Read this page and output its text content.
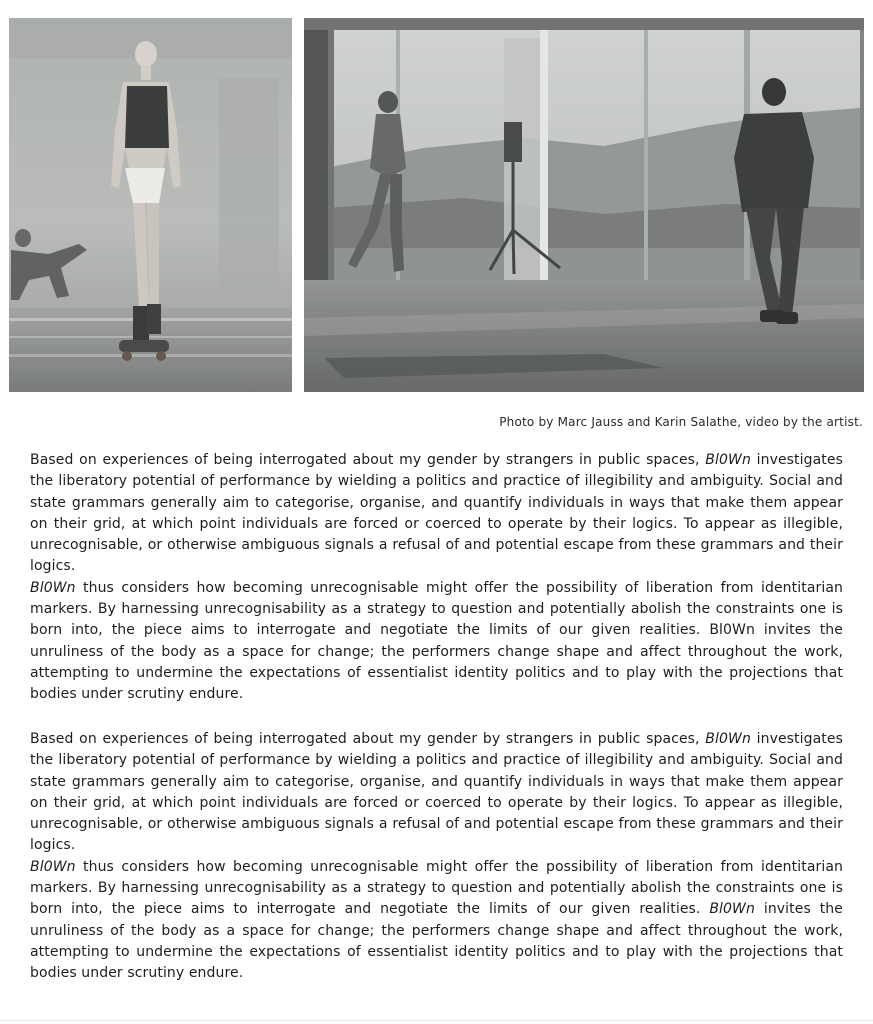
Photo by Marc Jauss and Karin Salathe, video by the artist.

Based on experiences of being interrogated about my gender by strangers in public spaces, Bl0Wn investigates the liberatory potential of performance by wielding a politics and practice of illegibility and ambiguity. Social and state grammars generally aim to categorise, organise, and quantify individuals in ways that make them appear on their grid, at which point individuals are forced or coerced to operate by their logics. To appear as illegible, unrecognisable, or otherwise ambiguous signals a refusal of and potential escape from these grammars and their logics.

Bl0Wn thus considers how becoming unrecognisable might offer the possibility of liberation from identitarian markers. By harnessing unrecognisability as a strategy to question and potentially abolish the constraints one is born into, the piece aims to interrogate and negotiate the limits of our given realities. Bl0Wn invites the unruliness of the body as a space for change; the performers change shape and affect throughout the work, attempting to undermine the expectations of essentialist identity politics and to play with the projections that bodies under scrutiny endure.

Based on experiences of being interrogated about my gender by strangers in public spaces, Bl0Wn investigates the liberatory potential of performance by wielding a politics and practice of illegibility and ambiguity. Social and state grammars generally aim to categorise, organise, and quantify individuals in ways that make them appear on their grid, at which point individuals are forced or coerced to operate by their logics. To appear as illegible, unrecognisable, or otherwise ambiguous signals a refusal of and potential escape from these grammars and their logics.

Bl0Wn thus considers how becoming unrecognisable might offer the possibility of liberation from identitarian markers. By harnessing unrecognisability as a strategy to question and potentially abolish the constraints one is born into, the piece aims to interrogate and negotiate the limits of our given realities. Bl0Wn invites the unruliness of the body as a space for change; the performers change shape and affect throughout the work, attempting to undermine the expectations of essentialist identity politics and to play with the projections that bodies under scrutiny endure.
